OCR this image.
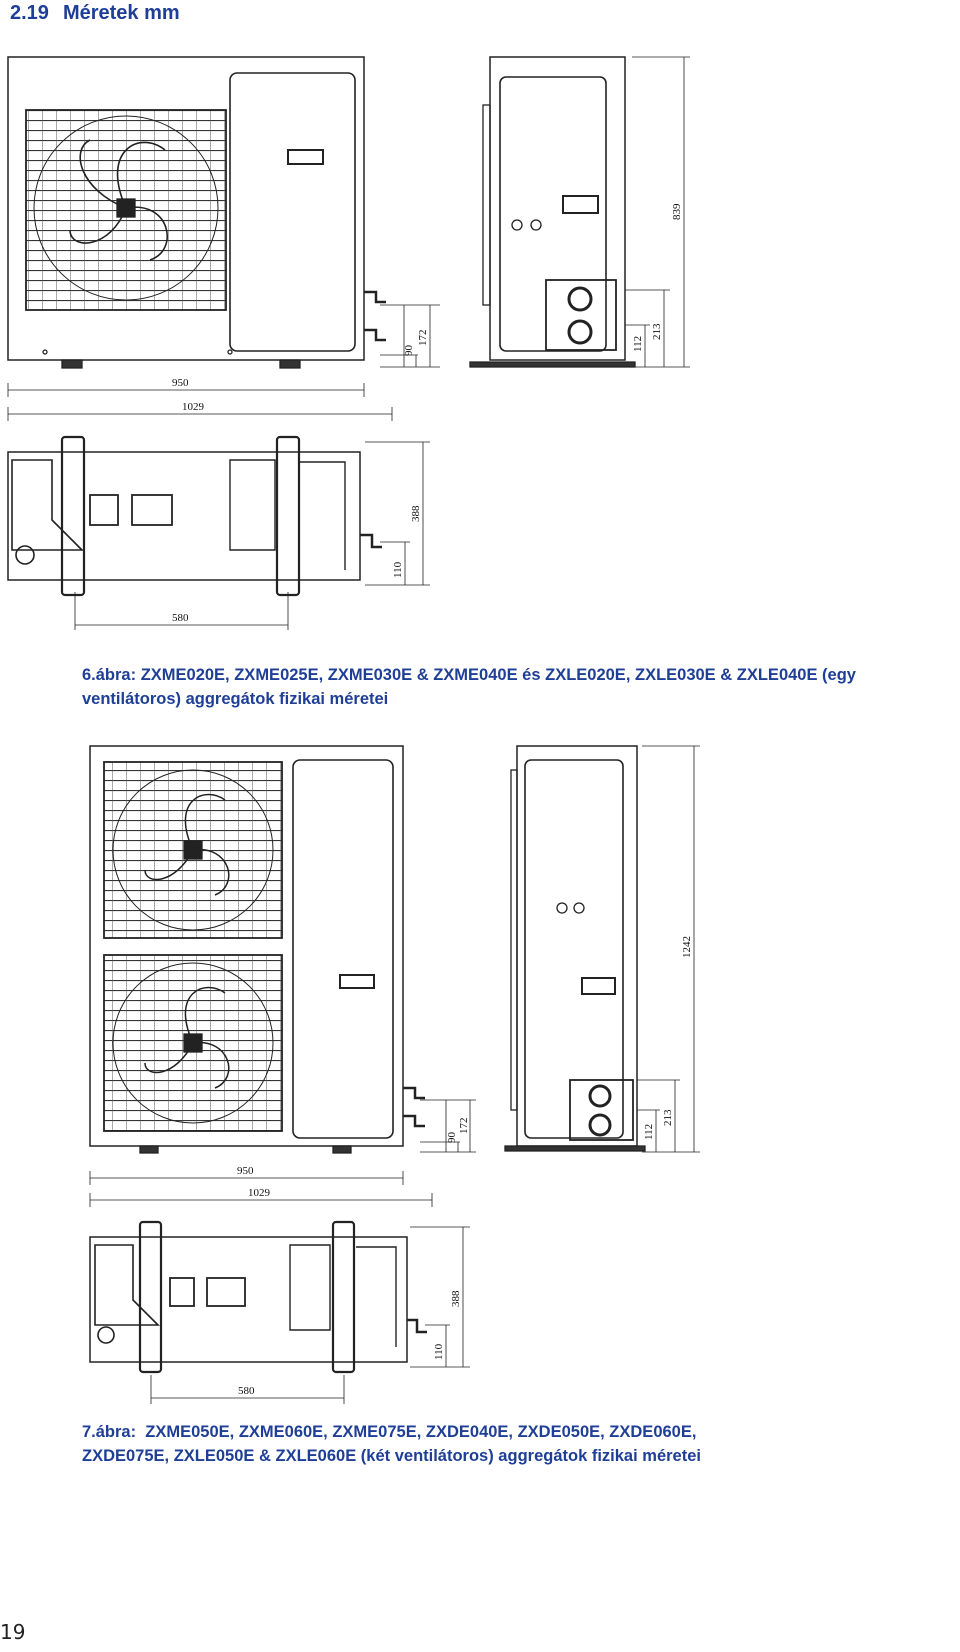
2.19 Méretek mm
950
1029
90
172
839
213
112
388
110
580
950
1029
90
172
1242
213
112
388
110
580
6.ábra: ZXME020E, ZXME025E, ZXME030E & ZXME040E és ZXLE020E, ZXLE030E & ZXLE040E (egy
ventilátoros) aggregátok fizikai méretei
7.ábra:  ZXME050E, ZXME060E, ZXME075E, ZXDE040E, ZXDE050E, ZXDE060E,
ZXDE075E, ZXLE050E & ZXLE060E (két ventilátoros) aggregátok fizikai méretei
19
